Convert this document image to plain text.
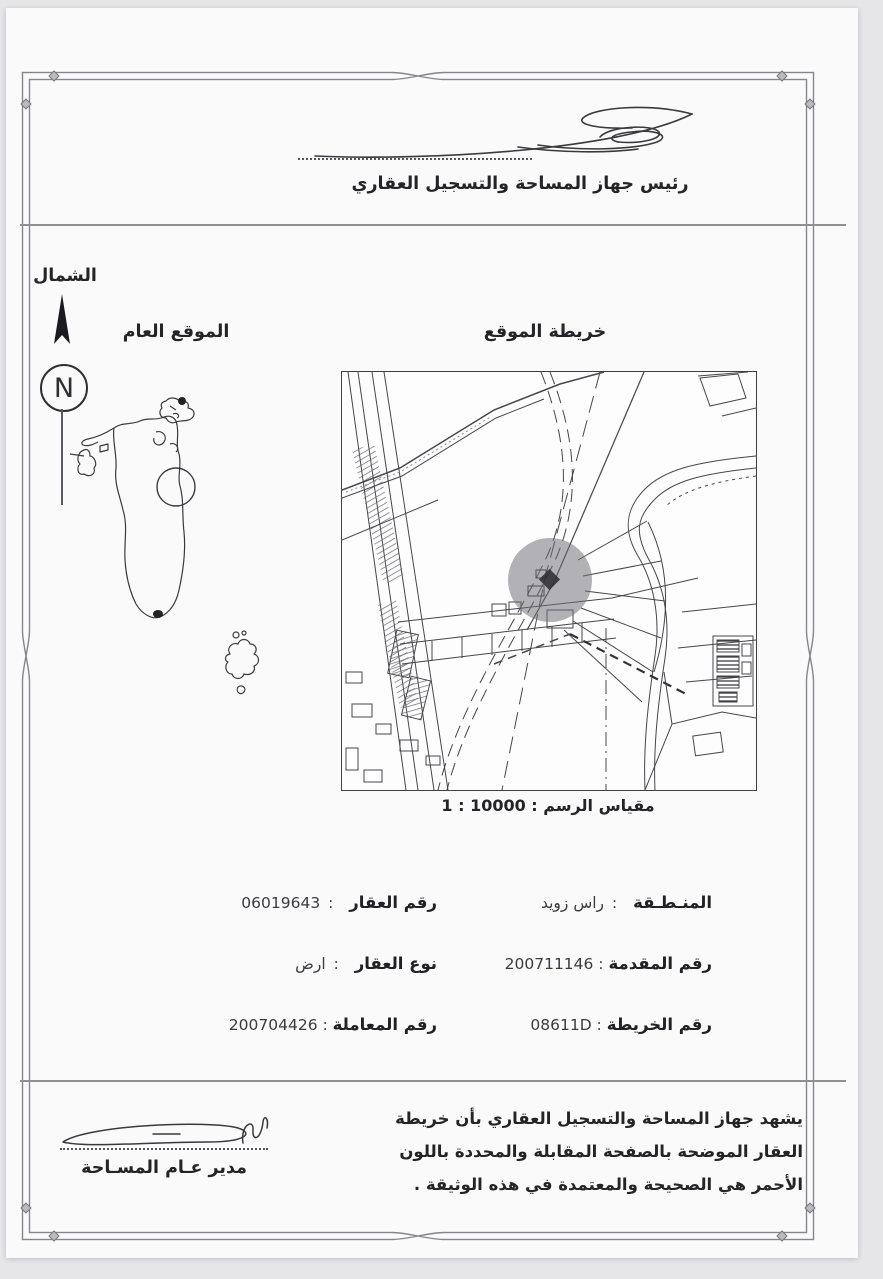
رئيس جهاز المساحة والتسجيل العقاري
الشمال
N
الموقع العام	خريطة الموقع
مقياس الرسم : 10000 : 1
المنـطـقة:راس زويد
رقم المقدمة:200711146
رقم الخريطة:08611D
رقم العقار:06019643
نوع العقار:ارض
رقم المعاملة:200704426
يشهد جهاز المساحة والتسجيل العقاري بأن خريطة
العقار الموضحة بالصفحة المقابلة والمحددة باللون
الأحمر هي الصحيحة والمعتمدة في هذه الوثيقة .
مدير عـام المسـاحة
